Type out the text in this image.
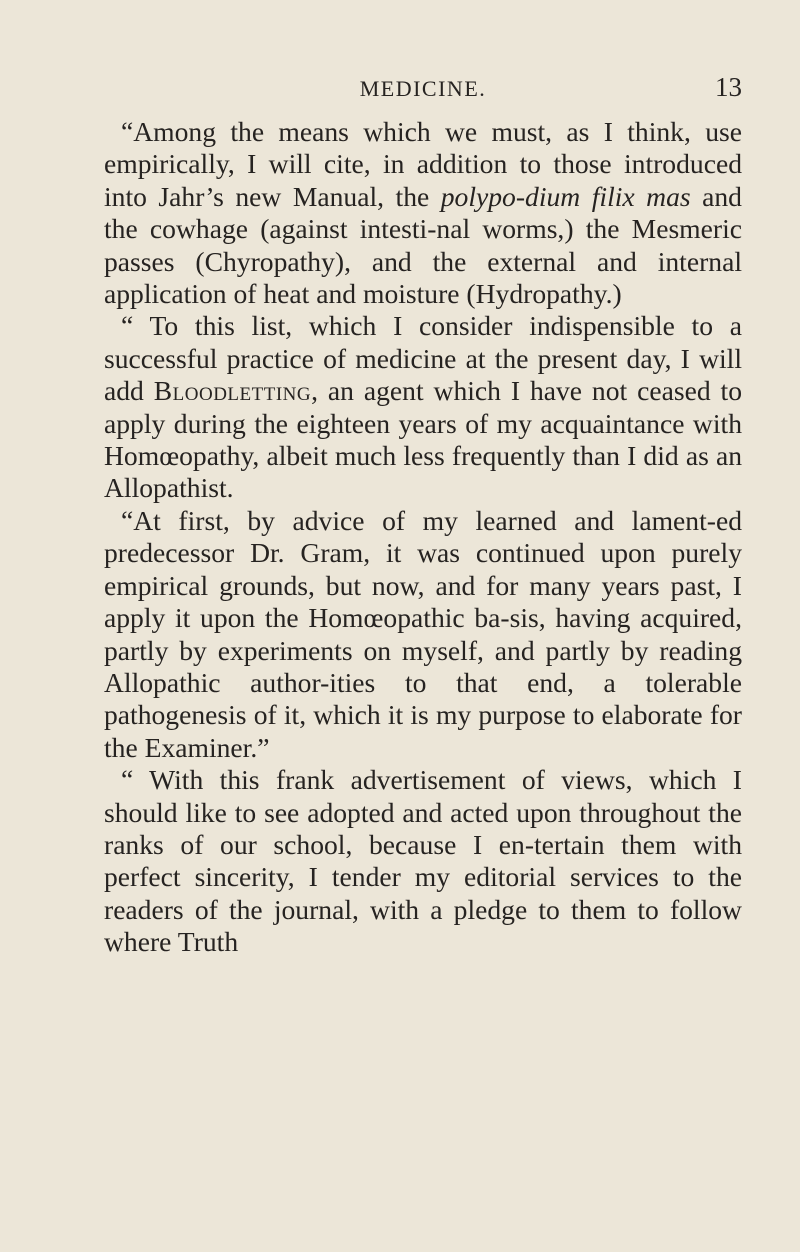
MEDICINE.	13

“Among the means which we must, as I think, use empirically, I will cite, in addition to those introduced into Jahr’s new Manual, the polypo-dium filix mas and the cowhage (against intesti-nal worms,) the Mesmeric passes (Chyropathy), and the external and internal application of heat and moisture (Hydropathy.)

“ To this list, which I consider indispensible to a successful practice of medicine at the present day, I will add Bloodletting, an agent which I have not ceased to apply during the eighteen years of my acquaintance with Homœopathy, albeit much less frequently than I did as an Allopathist.

“At first, by advice of my learned and lament-ed predecessor Dr. Gram, it was continued upon purely empirical grounds, but now, and for many years past, I apply it upon the Homœopathic ba-sis, having acquired, partly by experiments on myself, and partly by reading Allopathic author-ities to that end, a tolerable pathogenesis of it, which it is my purpose to elaborate for the Examiner.”

“ With this frank advertisement of views, which I should like to see adopted and acted upon throughout the ranks of our school, because I en-tertain them with perfect sincerity, I tender my editorial services to the readers of the journal, with a pledge to them to follow where Truth
